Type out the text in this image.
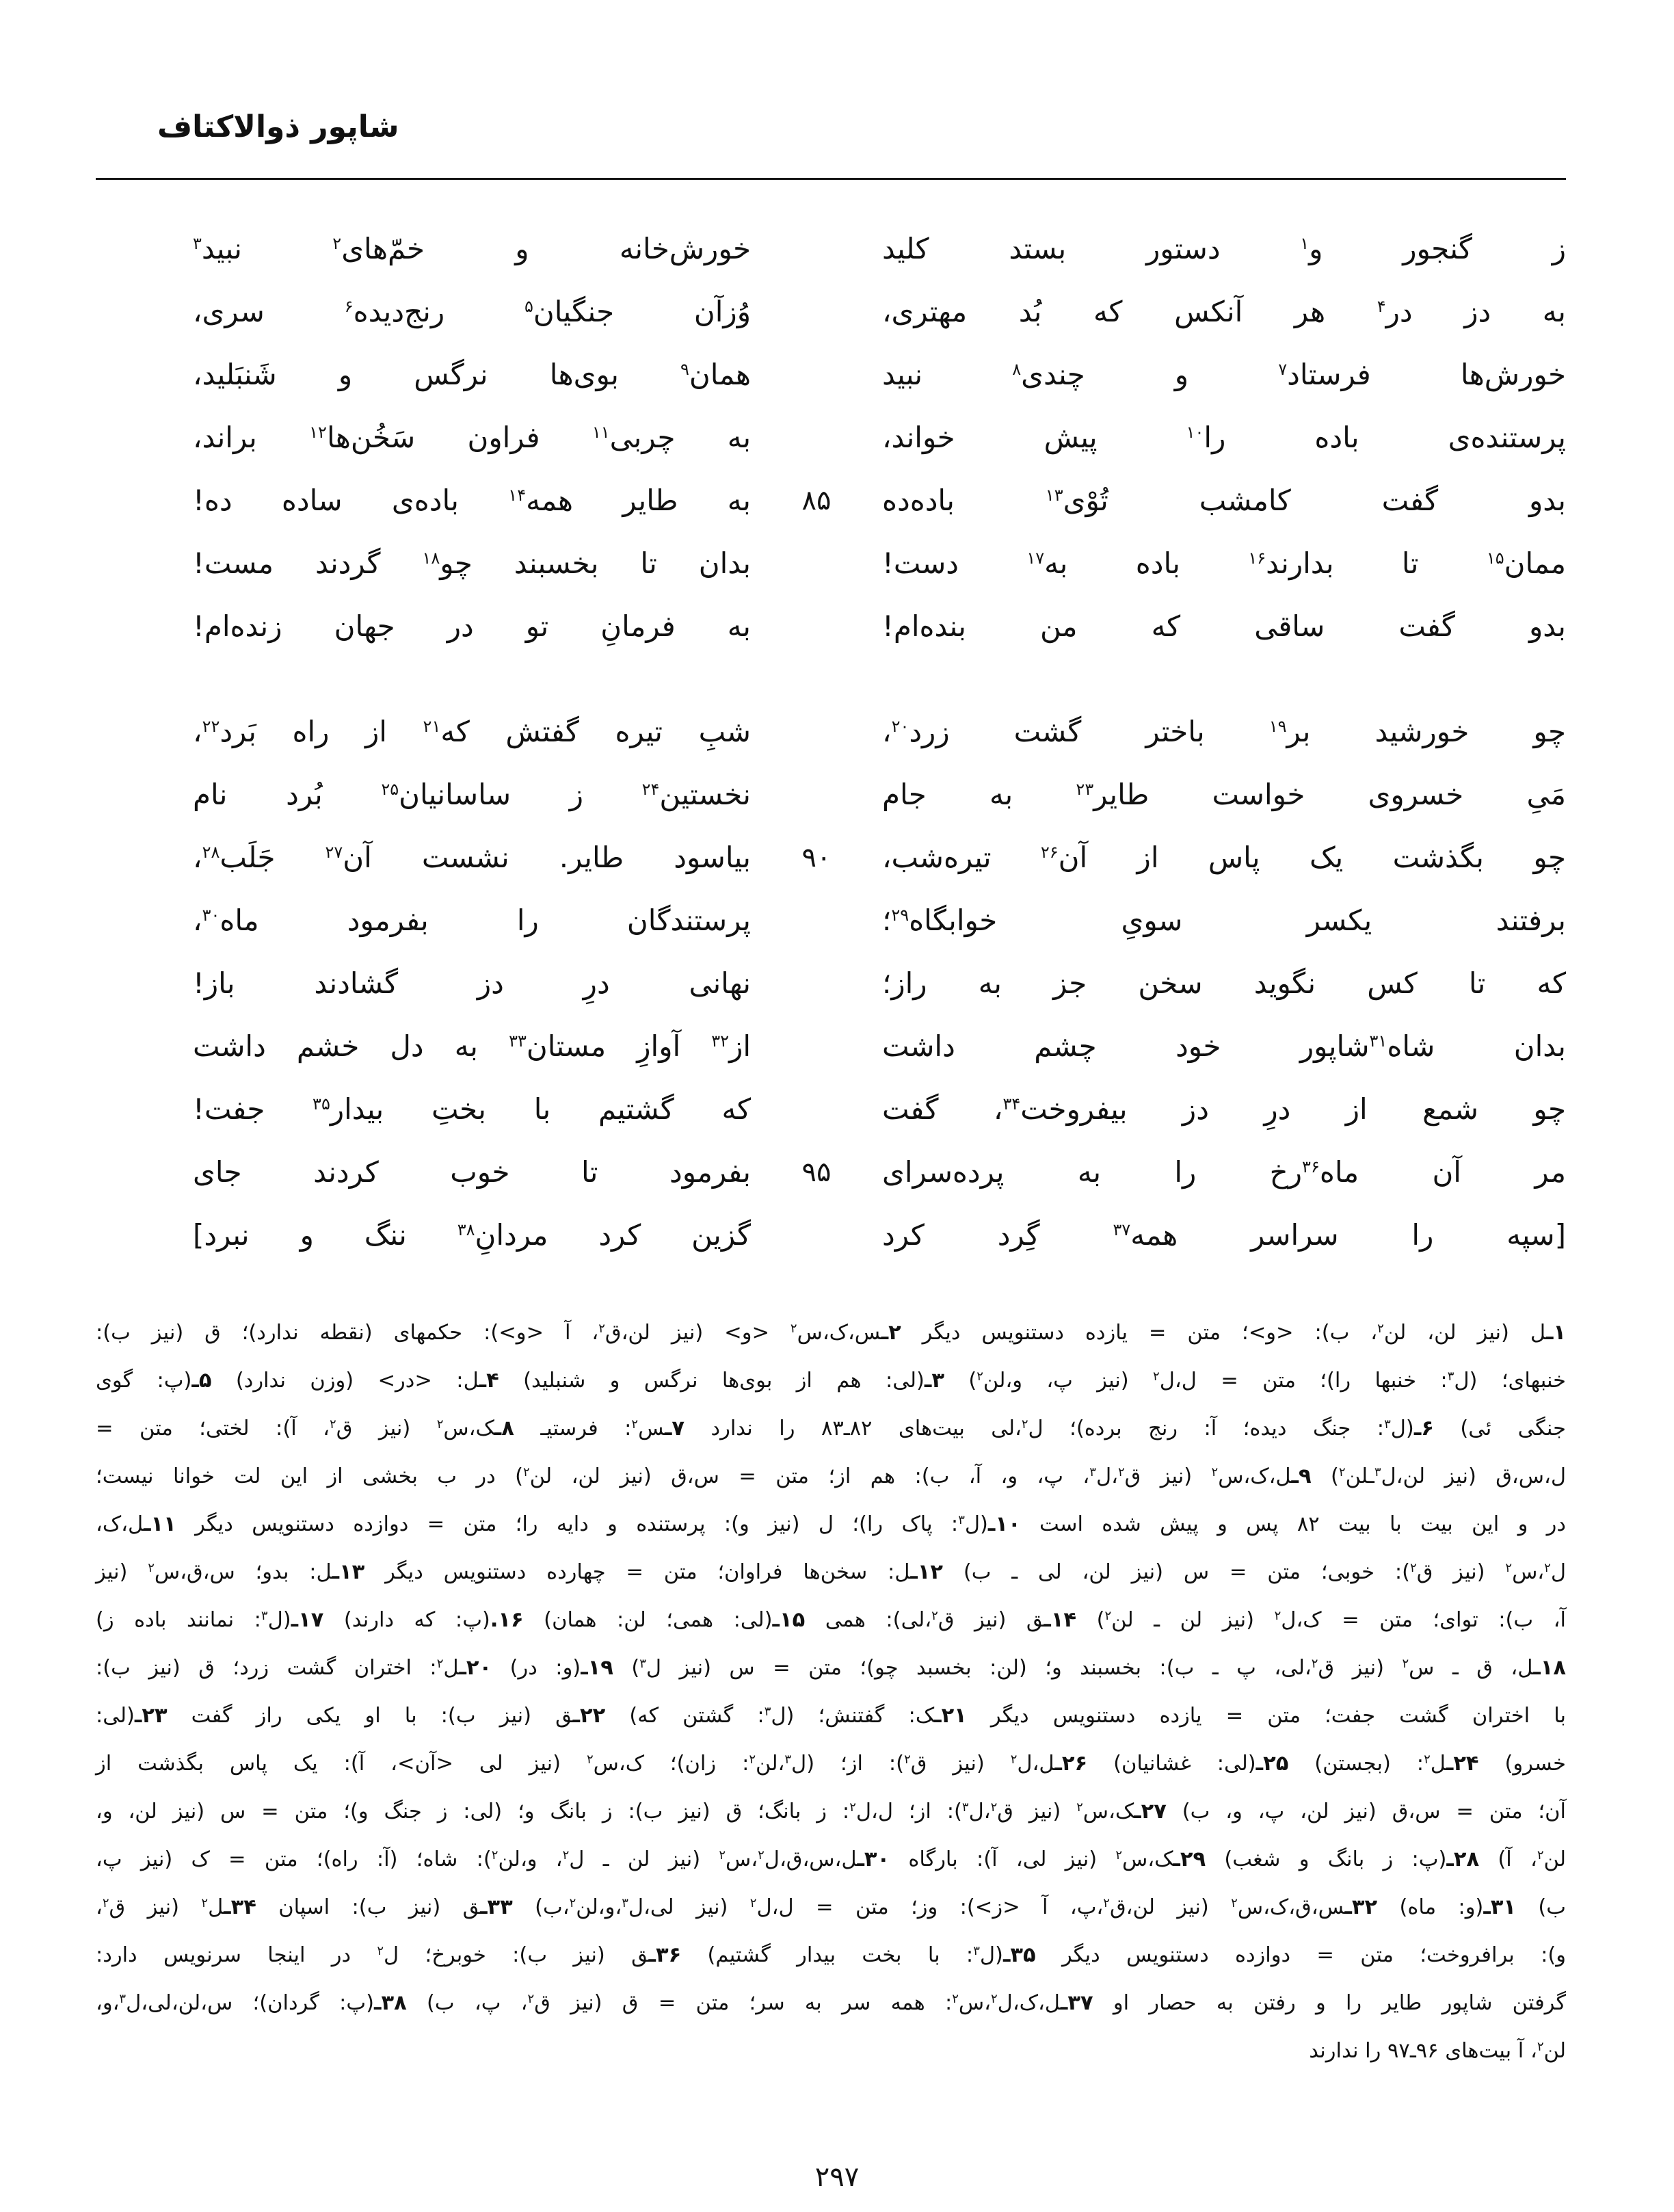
شاپور ذوالاکتاف
ز گنجور و$^۱$ دستور بستد کلید
خورش‌خانه و خمّ‌های$^۲$ نبید$^۳$
به دز در$^۴$ هر آنکس که بُد مهتری،
وُزآن جنگیان$^۵$ رنج‌دیده$^۶$ سری،
خورش‌ها فرستاد$^۷$ و چندی$^۸$ نبید
همان$^۹$ بوی‌ها نرگس و شَنبَلید،
پرستنده‌ی باده را$^{۱۰}$ پیش خواند،
به چربی$^{۱۱}$ فراون سَخُن‌ها$^{۱۲}$ براند،
بدو گفت کامشب تُوْی$^{۱۳}$ باده‌ده
۸۵
به طایر همه$^{۱۴}$ باده‌ی ساده ده!
ممان$^{۱۵}$ تا بدارند$^{۱۶}$ باده به$^{۱۷}$ دست!
بدان تا بخسبند چو$^{۱۸}$ گردند مست!
بدو گفت ساقی که من بنده‌ام!
به فرمانِ تو در جهان زنده‌ام!
چو خورشید بر$^{۱۹}$ باختر گشت زرد$^{۲۰}$،
شبِ تیره گفتش که$^{۲۱}$ از راه بَرد$^{۲۲}$،
مَیِ خسروی خواست طایر$^{۲۳}$ به جام
نخستین$^{۲۴}$ ز ساسانیان$^{۲۵}$ بُرد نام
چو بگذشت یک پاس از آن$^{۲۶}$ تیره‌شب،
۹۰
بیاسود طایر. نشست آن$^{۲۷}$ جَلَب$^{۲۸}$،
برفتند یکسر سویِ خوابگاه$^{۲۹}$؛
پرستندگان را بفرمود ماه$^{۳۰}$،
که تا کس نگوید سخن جز به راز؛
نهانی درِ دز گشادند باز!
بدان شاه$^{۳۱}$شاپور خود چشم داشت
از$^{۳۲}$ آوازِ مستان$^{۳۳}$ به دل خشم داشت
چو شمع از درِ دز بیفروخت$^{۳۴}$، گفت
که گشتیم با بختِ بیدار$^{۳۵}$ جفت!
مر آن ماه$^{۳۶}$رخ را به پرده‌سرای
۹۵
بفرمود تا خوب کردند جای
[سپه را سراسر همه$^{۳۷}$ گِرد کرد
گزین کرد مردانِ$^{۳۸}$ ننگ و نبرد]
۱ـل (نیز لن، لن$^۲$، ب): <و>؛ متن = یازده دستنویس دیگر ۲ـس،ک،س$^۲$ <و> (نیز لن،ق$^۲$، آ <و>): حکمهای (نقطه ندارد)؛ ق (نیز ب):
خنبهای؛ (ل$^۳$: خنبها را)؛ متن = ل،ل$^۲$ (نیز پ، و،لن$^۲$) ۳ـ(لی: هم از بوی‌ها نرگس و شنبلید) ۴ـل: <در> (وزن ندارد) ۵ـ(پ: گوی
جنگی ئی) ۶ـ(ل$^۳$: جنگ دیده؛ آ: رنج برده)؛ ل$^۲$،لی بیت‌های ۸۲ـ۸۳ را ندارد ۷ـس$^۲$: فرستیـ ۸ـک،س$^۲$ (نیز ق$^۲$، آ): لختی؛ متن =
ل،س،ق (نیز لن،ل$^۳$ـلن$^۲$) ۹ـل،ک،س$^۲$ (نیز ق$^۲$،ل$^۳$، پ، و، آ، ب): هم از؛ متن = س،ق (نیز لن، لن$^۲$) در ب بخشی از این لت خوانا نیست؛
در و این بیت با بیت ۸۲ پس و پیش شده است ۱۰ـ(ل$^۳$: پاک را)؛ ل (نیز و): پرستنده و دایه را؛ متن = دوازده دستنویس دیگر ۱۱ـل،ک،
ل$^۲$،س$^۲$ (نیز ق$^۲$): خوبی؛ متن = س (نیز لن، لی ـ ب) ۱۲ـل: سخن‌ها فراوان؛ متن = چهارده دستنویس دیگر ۱۳ـل: بدو؛ س،ق،س$^۲$ (نیز
آ، ب): توای؛ متن = ک،ل$^۲$ (نیز لن ـ لن$^۲$) ۱۴ـق (نیز ق$^۲$،لی): همی ۱۵ـ(لی: همی؛ لن: همان) ۱۶.(پ: که دارند) ۱۷ـ(ل$^۳$: نمانند باده ز)
۱۸ـل، ق ـ س$^۲$ (نیز ق$^۲$،لی، پ ـ ب): بخسبند و؛ (لن: بخسبد چو)؛ متن = س (نیز ل$^۳$) ۱۹ـ(و: در) ۲۰ـل$^۲$: اختران گشت زرد؛ ق (نیز ب):
با اختران گشت جفت؛ متن = یازده دستنویس دیگر ۲۱ـک: گفتنش؛ (ل$^۳$: گشتن که) ۲۲ـق (نیز ب): با او یکی راز گفت ۲۳ـ(لی:
خسرو) ۲۴ـل$^۲$: (بجستن) ۲۵ـ(لی: غشانیان) ۲۶ـل،ل$^۲$ (نیز ق$^۲$): از؛ (ل$^۳$،لن$^۲$: زان)؛ ک،س$^۲$ (نیز لی <آن>، آ): یک پاس بگذشت از
آن؛ متن = س،ق (نیز لن، پ، و، ب) ۲۷ـک،س$^۲$ (نیز ق$^۲$،ل$^۳$): از؛ ل،ل$^۲$: ز بانگ؛ ق (نیز ب): ز بانگ و؛ (لی: ز جنگ و)؛ متن = س (نیز لن، و،
لن$^۲$، آ) ۲۸ـ(پ: ز بانگ و شغب) ۲۹ـک،س$^۲$ (نیز لی، آ): بارگاه ۳۰ـل،س،ق،ل$^۲$،س$^۲$ (نیز لن ـ ل$^۲$، و،لن$^۲$): شاه؛ (آ: راه)؛ متن = ک (نیز پ،
ب) ۳۱ـ(و: ماه) ۳۲ـس،ق،ک،س$^۲$ (نیز لن،ق$^۲$،پ، آ <ز>): وز؛ متن = ل،ل$^۲$ (نیز لی،ل$^۳$،و،لن$^۲$،ب) ۳۳ـق (نیز ب): اسپان ۳۴ـل$^۲$ (نیز ق$^۲$،
و): برافروخت؛ متن = دوازده دستنویس دیگر ۳۵ـ(ل$^۳$: با بخت بیدار گشتیم) ۳۶ـق (نیز ب): خوبرخ؛ ل$^۲$ در اینجا سرنویس دارد:
گرفتن شاپور طایر را و رفتن به حصار او ۳۷ـل،ک،ل$^۲$،س$^۲$: همه سر به سر؛ متن = ق (نیز ق$^۲$، پ، ب) ۳۸ـ(پ: گردان)؛ س،لن،لی،ل$^۳$،و،
لن$^۲$، آ بیت‌های ۹۶ـ۹۷ را ندارند
۲۹۷
